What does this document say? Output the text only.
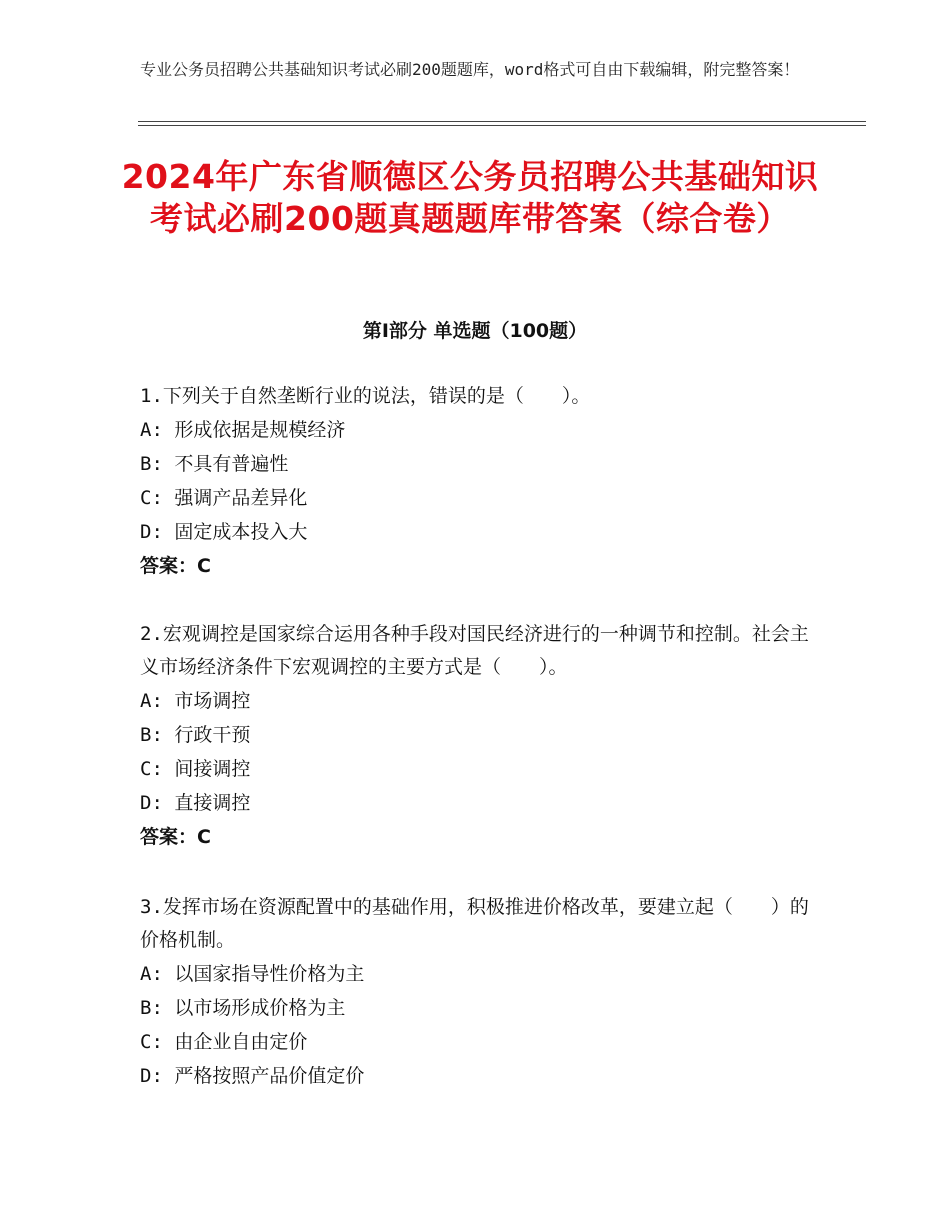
专业公务员招聘公共基础知识考试必刷200题题库，word格式可自由下载编辑，附完整答案！
2024年广东省顺德区公务员招聘公共基础知识考试必刷200题真题题库带答案（综合卷）
第Ⅰ部分 单选题（100题）

1.下列关于自然垄断行业的说法，错误的是（　　）。

A: 形成依据是规模经济

B: 不具有普遍性

C: 强调产品差异化

D: 固定成本投入大

答案：C

2.宏观调控是国家综合运用各种手段对国民经济进行的一种调节和控制。社会主义市场经济条件下宏观调控的主要方式是（　　）。

A: 市场调控

B: 行政干预

C: 间接调控

D: 直接调控

答案：C

3.发挥市场在资源配置中的基础作用，积极推进价格改革，要建立起（　　）的价格机制。

A: 以国家指导性价格为主

B: 以市场形成价格为主

C: 由企业自由定价

D: 严格按照产品价值定价
